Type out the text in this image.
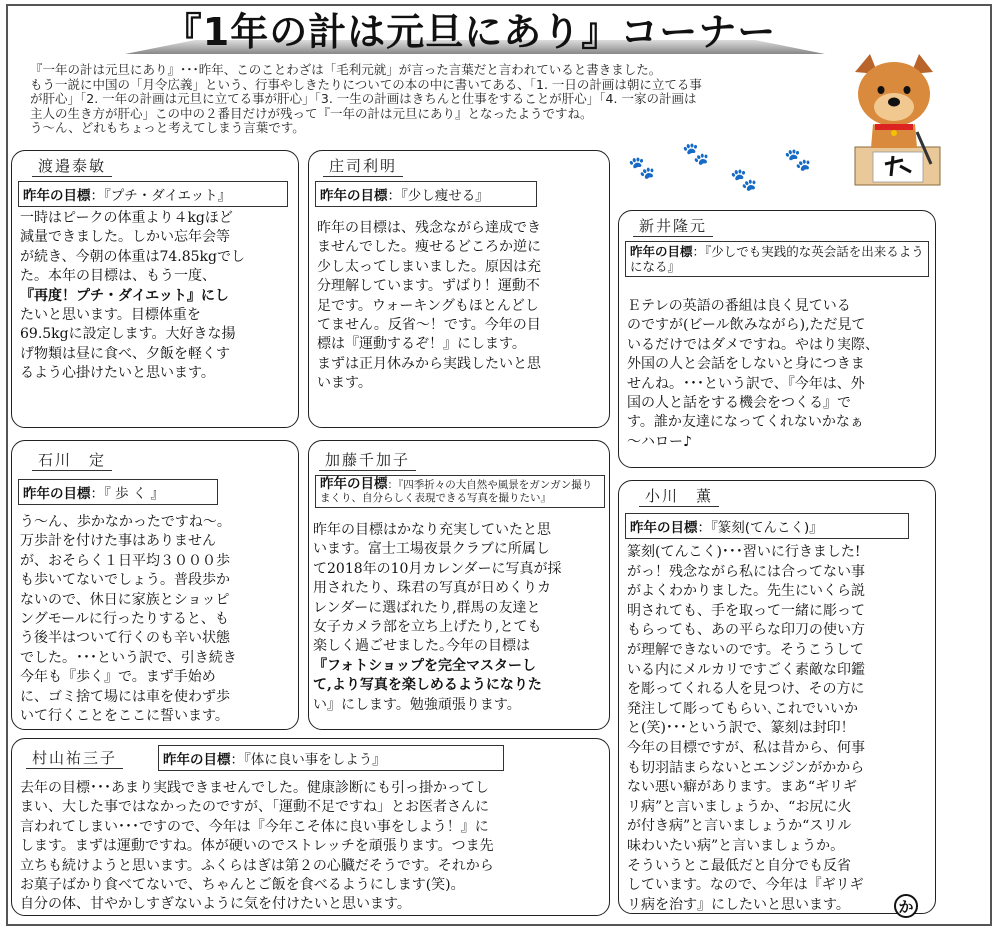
『1年の計は元旦にあり』コーナー

『一年の計は元旦にあり』･･･昨年、このことわざは「毛利元就」が言った言葉だと言われていると書きました。

もう一説に中国の「月令広義」という、行事やしきたりについての本の中に書いてある、「1. 一日の計画は朝に立てる事

が肝心」「2. 一年の計画は元旦に立てる事が肝心」「3. 一生の計画はきちんと仕事をすることが肝心」「4. 一家の計画は

主人の生き方が肝心」この中の２番目だけが残って『一年の計は元旦にあり』となったようですね。

う～ん、どれもちょっと考えてしまう言葉です。

🐾
🐾
🐾
🐾
渡邉泰敏
昨年の目標：『プチ・ダイエット』
一時はピークの体重より４kgほど
減量できました。しかい忘年会等
が続き、今朝の体重は74.85kgでし
た。本年の目標は、もう一度、
『再度！プチ・ダイエット』にし
たいと思います。目標体重を
69.5kgに設定します。大好きな揚
げ物類は昼に食べ、夕飯を軽くす
るよう心掛けたいと思います。
庄司利明
昨年の目標：『少し痩せる』
昨年の目標は、残念ながら達成でき
ませんでした。痩せるどころか逆に
少し太ってしまいました。原因は充
分理解しています。ずばり！運動不
足です。ウォーキングもほとんどし
てません。反省～！です。今年の目
標は『運動するぞ！』にします。
まずは正月休みから実践したいと思
います。
新井隆元
昨年の目標：『少しでも実践的な英会話を出来るようになる』
Ｅテレの英語の番組は良く見ている
のですが(ビール飲みながら),ただ見て
いるだけではダメですね。やはり実際、
外国の人と会話をしないと身につきま
せんね。･･･という訳で、『今年は、外
国の人と話をする機会をつくる』で
す。誰か友達になってくれないかなぁ
～ハロー♪
石川　定
昨年の目標：『 歩 く 』
う～ん、歩かなかったですね～。
万歩計を付けた事はありません
が、おそらく１日平均３０００歩
も歩いてないでしょう。普段歩か
ないので、休日に家族とショッピ
ングモールに行ったりすると、も
う後半はついて行くのも辛い状態
でした。･･･という訳で、引き続き
今年も『歩く』で。まず手始め
に、ゴミ捨て場には車を使わず歩
いて行くことをここに誓います。
加藤千加子
昨年の目標：『四季折々の大自然や風景をガンガン撮りまくり、自分らしく表現できる写真を撮りたい』
昨年の目標はかなり充実していたと思
います。富士工場夜景クラブに所属し
て2018年の10月カレンダーに写真が採
用されたり、珠君の写真が日めくりカ
レンダーに選ばれたり,群馬の友達と
女子カメラ部を立ち上げたり,とても
楽しく過ごせました｡今年の目標は
『フォトショップを完全マスターし
て,より写真を楽しめるようになりた
い』にします。勉強頑張ります。
小川　薫
昨年の目標：『篆刻(てんこく)』
篆刻(てんこく)･･･習いに行きました!
がっ！残念ながら私には合ってない事
がよくわかりました。先生にいくら説
明されても、手を取って一緒に彫って
もらっても、あの平らな印刀の使い方
が理解できないのです。そうこうして
いる内にメルカリですごく素敵な印鑑
を彫ってくれる人を見つけ、その方に
発注して彫ってもらい､これでいいか
と(笑)･･･という訳で、篆刻は封印！
今年の目標ですが、私は昔から、何事
も切羽詰まらないとエンジンがかから
ない悪い癖があります。まあ“ギリギ
リ病”と言いましょうか、“お尻に火
が付き病”と言いましょうか“スリル
味わいたい病”と言いましょうか。
そういうとこ最低だと自分でも反省
しています。なので、今年は『ギリギ
リ病を治す』にしたいと思います。
村山祐三子	昨年の目標：『体に良い事をしよう』
去年の目標･･･あまり実践できませんでした。健康診断にも引っ掛かってし
まい、大した事ではなかったのですが、「運動不足ですね」とお医者さんに
言われてしまい･･･ですので、今年は『今年こそ体に良い事をしよう！』に
します。まずは運動ですね。体が硬いのでストレッチを頑張ります。つま先
立ちも続けようと思います。ふくらはぎは第２の心臓だそうです。それから
お菓子ばかり食べてないで、ちゃんとご飯を食べるようにします(笑)。
自分の体、甘やかしすぎないように気を付けたいと思います。	か
